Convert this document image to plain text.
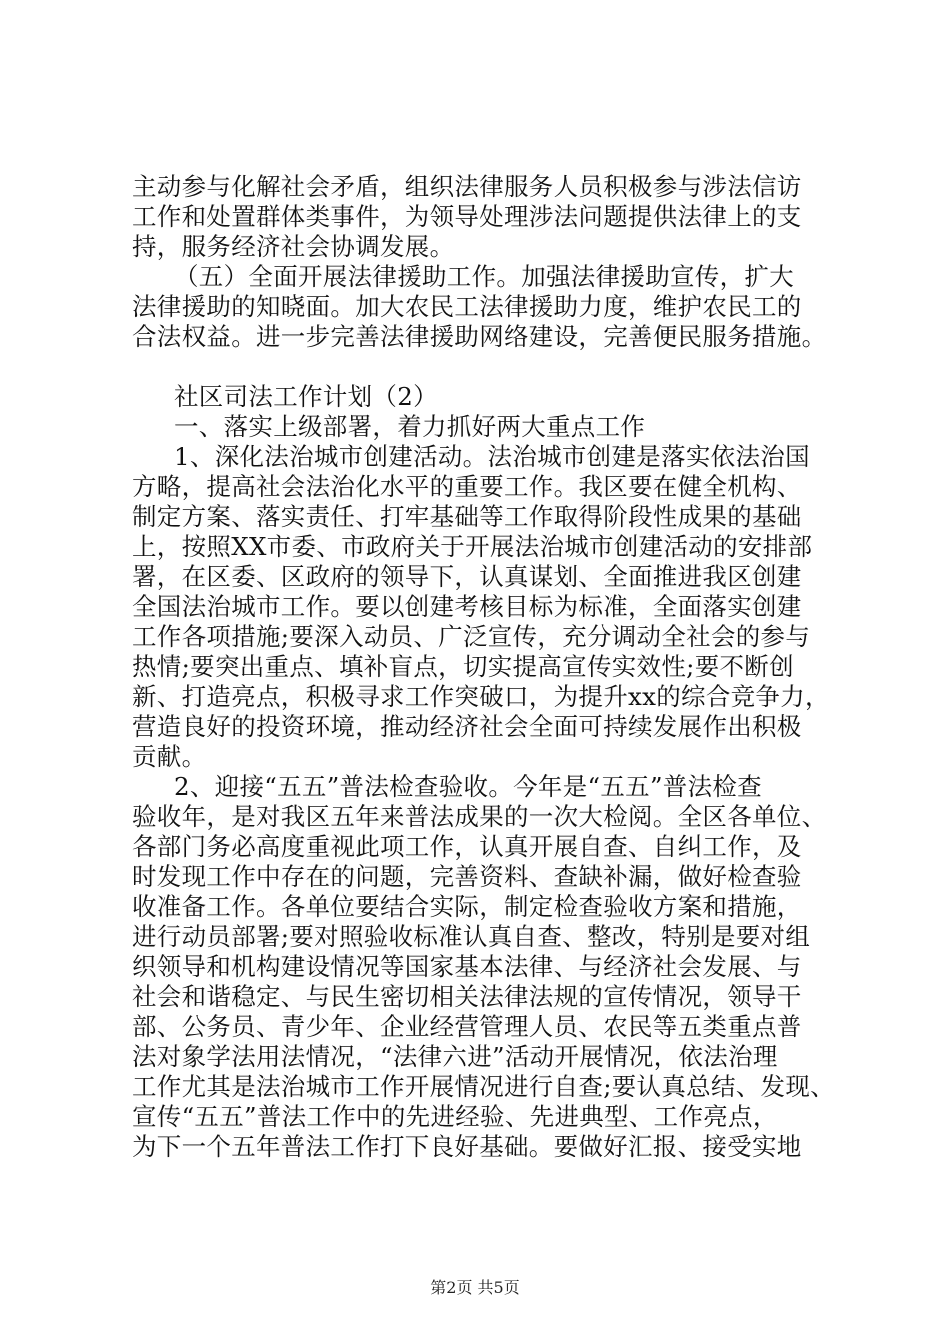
主动参与化解社会矛盾，组织法律服务人员积极参与涉法信访
工作和处置群体类事件，为领导处理涉法问题提供法律上的支
持，服务经济社会协调发展。
（五）全面开展法律援助工作。加强法律援助宣传，扩大
法律援助的知晓面。加大农民工法律援助力度，维护农民工的
合法权益。进一步完善法律援助网络建设，完善便民服务措施。
社区司法工作计划（2）
一、落实上级部署，着力抓好两大重点工作
1、深化法治城市创建活动。法治城市创建是落实依法治国
方略，提高社会法治化水平的重要工作。我区要在健全机构、
制定方案、落实责任、打牢基础等工作取得阶段性成果的基础
上，按照XX市委、市政府关于开展法治城市创建活动的安排部
署，在区委、区政府的领导下，认真谋划、全面推进我区创建
全国法治城市工作。要以创建考核目标为标准，全面落实创建
工作各项措施;要深入动员、广泛宣传，充分调动全社会的参与
热情;要突出重点、填补盲点，切实提高宣传实效性;要不断创
新、打造亮点，积极寻求工作突破口，为提升xx的综合竞争力，
营造良好的投资环境，推动经济社会全面可持续发展作出积极
贡献。
2、迎接“五五”普法检查验收。今年是“五五”普法检查
验收年，是对我区五年来普法成果的一次大检阅。全区各单位、
各部门务必高度重视此项工作，认真开展自查、自纠工作，及
时发现工作中存在的问题，完善资料、查缺补漏，做好检查验
收准备工作。各单位要结合实际，制定检查验收方案和措施，
进行动员部署;要对照验收标准认真自查、整改，特别是要对组
织领导和机构建设情况等国家基本法律、与经济社会发展、与
社会和谐稳定、与民生密切相关法律法规的宣传情况，领导干
部、公务员、青少年、企业经营管理人员、农民等五类重点普
法对象学法用法情况，“法律六进”活动开展情况，依法治理
工作尤其是法治城市工作开展情况进行自查;要认真总结、发现、
宣传“五五”普法工作中的先进经验、先进典型、工作亮点，
为下一个五年普法工作打下良好基础。要做好汇报、接受实地
第2页 共5页
